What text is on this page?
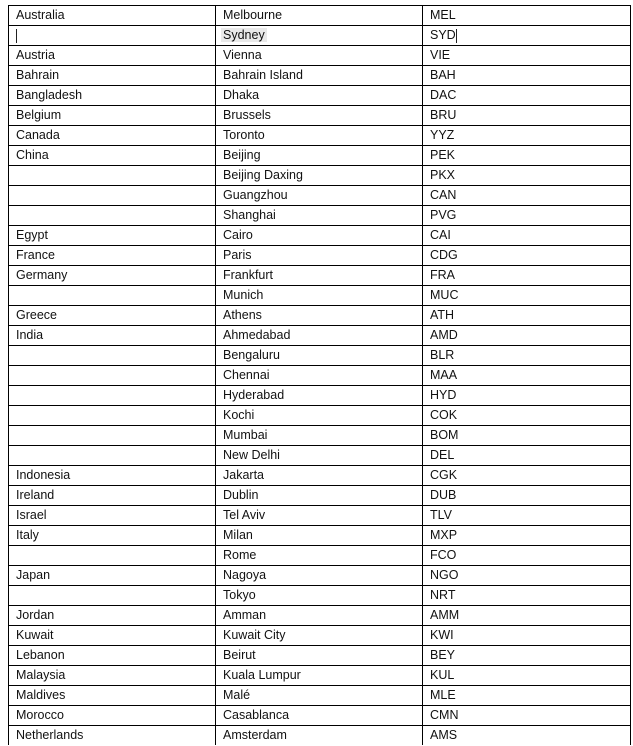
Australia	Melbourne	MEL
	Sydney	SYD
Austria	Vienna	VIE
Bahrain	Bahrain Island	BAH
Bangladesh	Dhaka	DAC
Belgium	Brussels	BRU
Canada	Toronto	YYZ
China	Beijing	PEK
	Beijing Daxing	PKX
	Guangzhou	CAN
	Shanghai	PVG
Egypt	Cairo	CAI
France	Paris	CDG
Germany	Frankfurt	FRA
	Munich	MUC
Greece	Athens	ATH
India	Ahmedabad	AMD
	Bengaluru	BLR
	Chennai	MAA
	Hyderabad	HYD
	Kochi	COK
	Mumbai	BOM
	New Delhi	DEL
Indonesia	Jakarta	CGK
Ireland	Dublin	DUB
Israel	Tel Aviv	TLV
Italy	Milan	MXP
	Rome	FCO
Japan	Nagoya	NGO
	Tokyo	NRT
Jordan	Amman	AMM
Kuwait	Kuwait City	KWI
Lebanon	Beirut	BEY
Malaysia	Kuala Lumpur	KUL
Maldives	Malé	MLE
Morocco	Casablanca	CMN
Netherlands	Amsterdam	AMS
